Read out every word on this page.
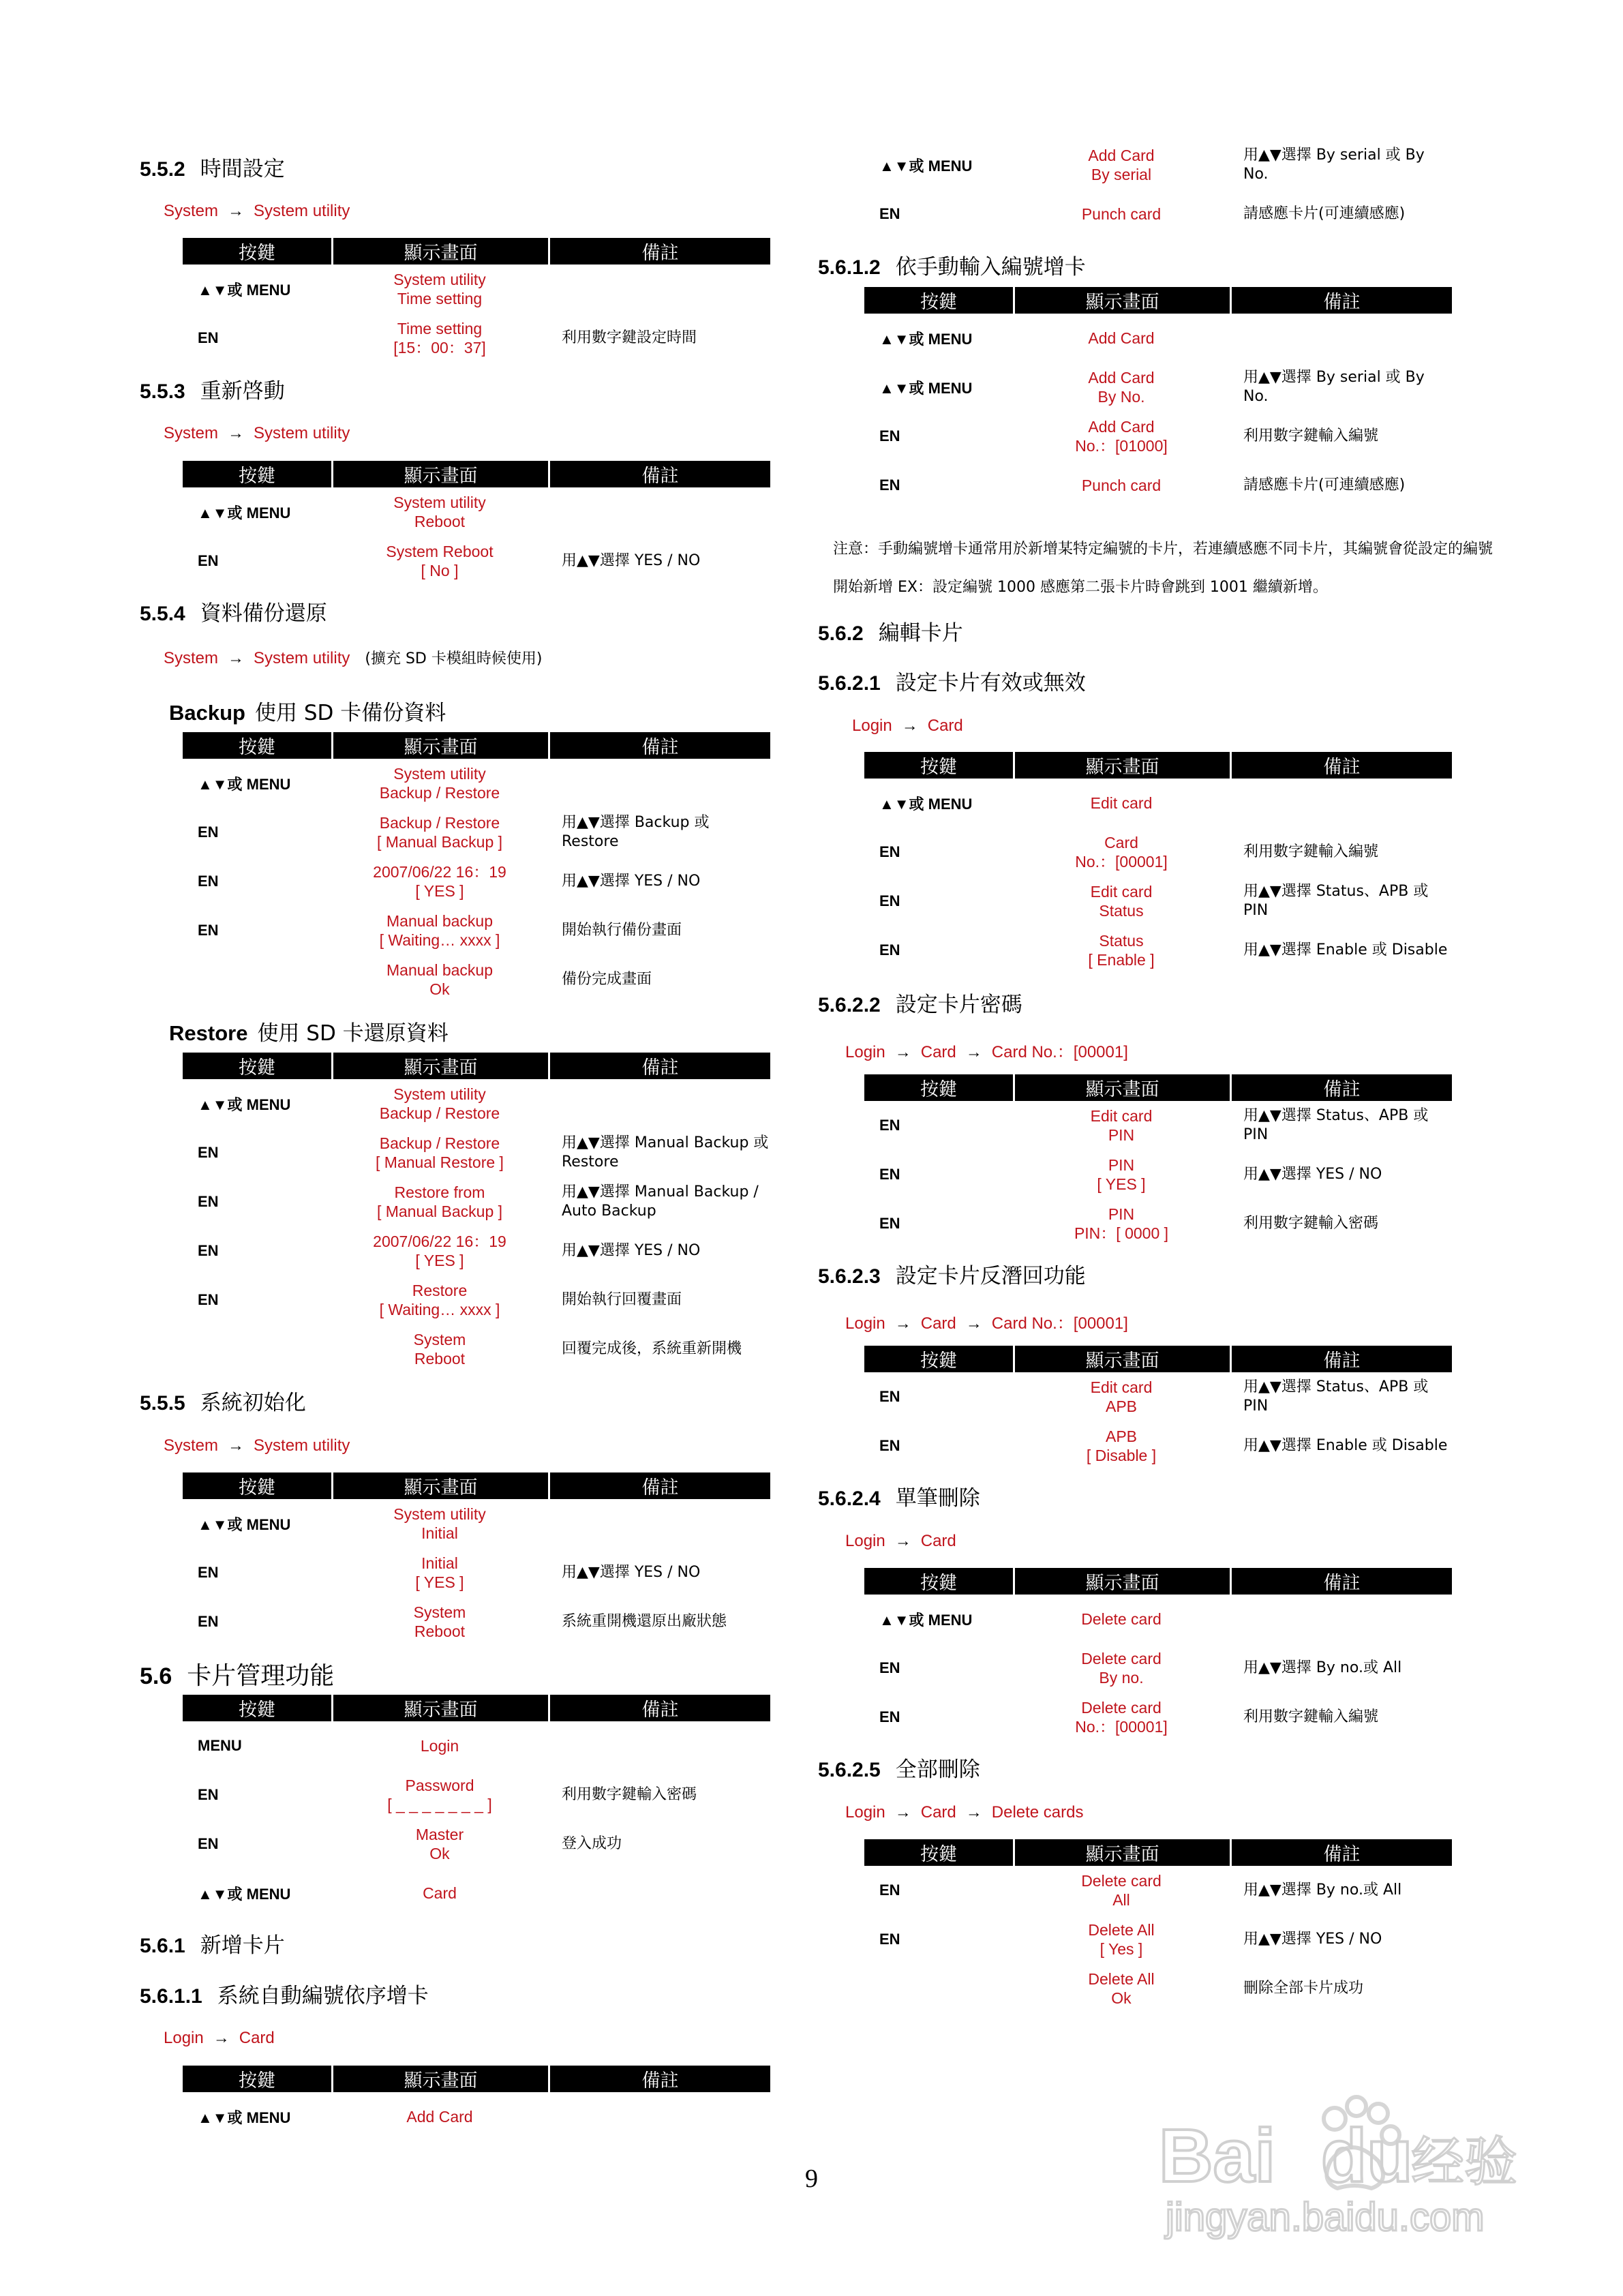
5.5.2 時間設定
System → System utility
按鍵	顯示畫面	備註
▲▼或 MENU	System utility
Time setting	

EN	Time setting
[15：00：37]	利用數字鍵設定時間
5.5.3 重新啓動
System → System utility
按鍵	顯示畫面	備註
▲▼或 MENU	System utility
Reboot	

EN	System Reboot
[ No ]	用▲▼選擇 YES / NO
5.5.4 資料備份還原
System → System utility (擴充 SD 卡模組時候使用)
Backup 使用 SD 卡備份資料
按鍵	顯示畫面	備註
▲▼或 MENU	System utility
Backup / Restore	

EN	Backup / Restore
[ Manual Backup ]	用▲▼選擇 Backup 或 Restore
EN	2007/06/22 16：19
[ YES ]	用▲▼選擇 YES / NO
EN	Manual backup
[ Waiting… xxxx ]	開始執行備份畫面

	Manual backup
Ok	備份完成畫面
Restore 使用 SD 卡還原資料
按鍵	顯示畫面	備註
▲▼或 MENU	System utility
Backup / Restore	

EN	Backup / Restore
[ Manual Restore ]	用▲▼選擇 Manual Backup 或 Restore
EN	Restore from
[ Manual Backup ]	用▲▼選擇 Manual Backup / Auto Backup
EN	2007/06/22 16：19
[ YES ]	用▲▼選擇 YES / NO
EN	Restore
[ Waiting… xxxx ]	開始執行回覆畫面

	System
Reboot	回覆完成後，系統重新開機
5.5.5 系統初始化
System → System utility
按鍵	顯示畫面	備註
▲▼或 MENU	System utility
Initial	

EN	Initial
[ YES ]	用▲▼選擇 YES / NO
EN	System
Reboot	系統重開機還原出廠狀態
5.6 卡片管理功能
按鍵	顯示畫面	備註
MENU	Login	

EN	Password
[ _ _ _ _ _ _ _ ]	利用數字鍵輸入密碼
EN	Master
Ok	登入成功
▲▼或 MENU	Card	

5.6.1 新增卡片
5.6.1.1 系統自動編號依序增卡
Login → Card
按鍵	顯示畫面	備註
▲▼或 MENU	Add Card	

▲▼或 MENU	Add Card
By serial	用▲▼選擇 By serial 或 By No.
EN	Punch card	請感應卡片(可連續感應)
5.6.1.2 依手動輸入編號增卡
按鍵	顯示畫面	備註
▲▼或 MENU	Add Card	

▲▼或 MENU	Add Card
By No.	用▲▼選擇 By serial 或 By No.
EN	Add Card
No.：[01000]	利用數字鍵輸入編號
EN	Punch card	請感應卡片(可連續感應)
注意：手動編號增卡通常用於新增某特定編號的卡片，若連續感應不同卡片，其編號會從設定的編號開始新增 EX：設定編號 1000 感應第二張卡片時會跳到 1001 繼續新增。
5.6.2 編輯卡片
5.6.2.1 設定卡片有效或無效
Login → Card
按鍵	顯示畫面	備註
▲▼或 MENU	Edit card	

EN	Card
No.：[00001]	利用數字鍵輸入編號
EN	Edit card
Status	用▲▼選擇 Status、APB 或 PIN
EN	Status
[ Enable ]	用▲▼選擇 Enable 或 Disable
5.6.2.2 設定卡片密碼
Login → Card → Card No.：[00001]
按鍵	顯示畫面	備註
EN	Edit card
PIN	用▲▼選擇 Status、APB 或 PIN
EN	PIN
[ YES ]	用▲▼選擇 YES / NO
EN	PIN
PIN：[ 0000 ]	利用數字鍵輸入密碼
5.6.2.3 設定卡片反潛回功能
Login → Card → Card No.：[00001]
按鍵	顯示畫面	備註
EN	Edit card
APB	用▲▼選擇 Status、APB 或 PIN
EN	APB
[ Disable ]	用▲▼選擇 Enable 或 Disable
5.6.2.4 單筆刪除
Login → Card
按鍵	顯示畫面	備註
▲▼或 MENU	Delete card	

EN	Delete card
By no.	用▲▼選擇 By no.或 All
EN	Delete card
No.：[00001]	利用數字鍵輸入編號
5.6.2.5 全部刪除
Login → Card → Delete cards
按鍵	顯示畫面	備註
EN	Delete card
All	用▲▼選擇 By no.或 All
EN	Delete All
[ Yes ]	用▲▼選擇 YES / NO

	Delete All
Ok	刪除全部卡片成功
9	Bai du
经验
jingyan.baidu.com
